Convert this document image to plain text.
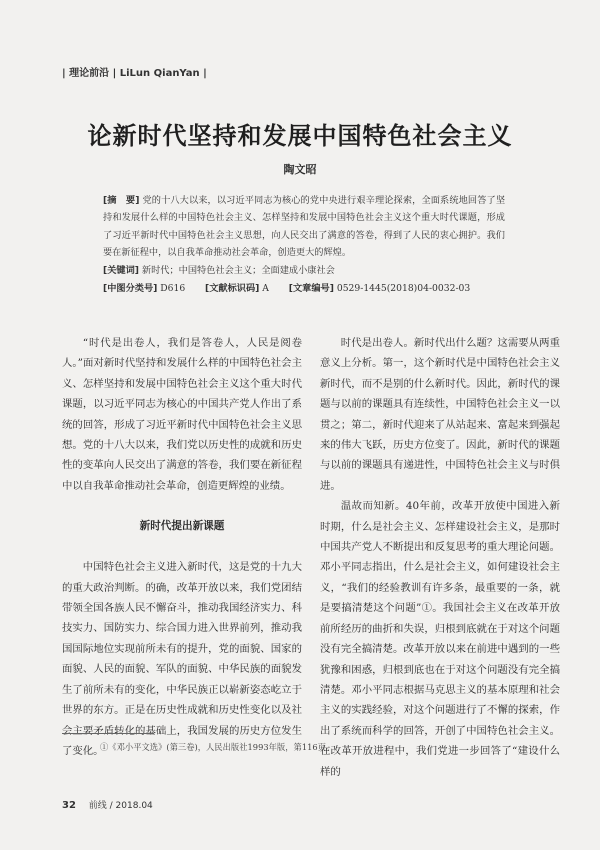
| 理论前沿 | LiLun QianYan |
论新时代坚持和发展中国特色社会主义
陶文昭
[摘　要] 党的十八大以来，以习近平同志为核心的党中央进行艰辛理论探索，全面系统地回答了坚持和发展什么样的中国特色社会主义、怎样坚持和发展中国特色社会主义这个重大时代课题，形成了习近平新时代中国特色社会主义思想，向人民交出了满意的答卷，得到了人民的衷心拥护。我们要在新征程中，以自我革命推动社会革命，创造更大的辉煌。
[关键词] 新时代；中国特色社会主义；全面建成小康社会
[中图分类号] D616 [文献标识码] A [文章编号] 0529-1445(2018)04-0032-03

“时代是出卷人，我们是答卷人，人民是阅卷人。”面对新时代坚持和发展什么样的中国特色社会主义、怎样坚持和发展中国特色社会主义这个重大时代课题，以习近平同志为核心的中国共产党人作出了系统的回答，形成了习近平新时代中国特色社会主义思想。党的十八大以来，我们党以历史性的成就和历史性的变革向人民交出了满意的答卷，我们要在新征程中以自我革命推动社会革命，创造更辉煌的业绩。

新时代提出新课题

中国特色社会主义进入新时代，这是党的十九大的重大政治判断。的确，改革开放以来，我们党团结带领全国各族人民不懈奋斗，推动我国经济实力、科技实力、国防实力、综合国力进入世界前列，推动我国国际地位实现前所未有的提升，党的面貌、国家的面貌、人民的面貌、军队的面貌、中华民族的面貌发生了前所未有的变化，中华民族正以崭新姿态屹立于世界的东方。正是在历史性成就和历史性变化以及社会主要矛盾转化的基础上，我国发展的历史方位发生了变化。

时代是出卷人。新时代出什么题？这需要从两重意义上分析。第一，这个新时代是中国特色社会主义新时代，而不是别的什么新时代。因此，新时代的课题与以前的课题具有连续性，中国特色社会主义一以贯之；第二，新时代迎来了从站起来、富起来到强起来的伟大飞跃，历史方位变了。因此，新时代的课题与以前的课题具有递进性，中国特色社会主义与时俱进。

温故而知新。40年前，改革开放使中国进入新时期，什么是社会主义、怎样建设社会主义，是那时中国共产党人不断提出和反复思考的重大理论问题。邓小平同志指出，什么是社会主义，如何建设社会主义，“我们的经验教训有许多条，最重要的一条，就是要搞清楚这个问题”①。我国社会主义在改革开放前所经历的曲折和失误，归根到底就在于对这个问题没有完全搞清楚。改革开放以来在前进中遇到的一些犹豫和困惑，归根到底也在于对这个问题没有完全搞清楚。邓小平同志根据马克思主义的基本原理和社会主义的实践经验，对这个问题进行了不懈的探索，作出了系统而科学的回答，开创了中国特色社会主义。在改革开放进程中，我们党进一步回答了“建设什么样的

①《邓小平文选》(第三卷)，人民出版社1993年版，第116页。
32 前线 / 2018.04
